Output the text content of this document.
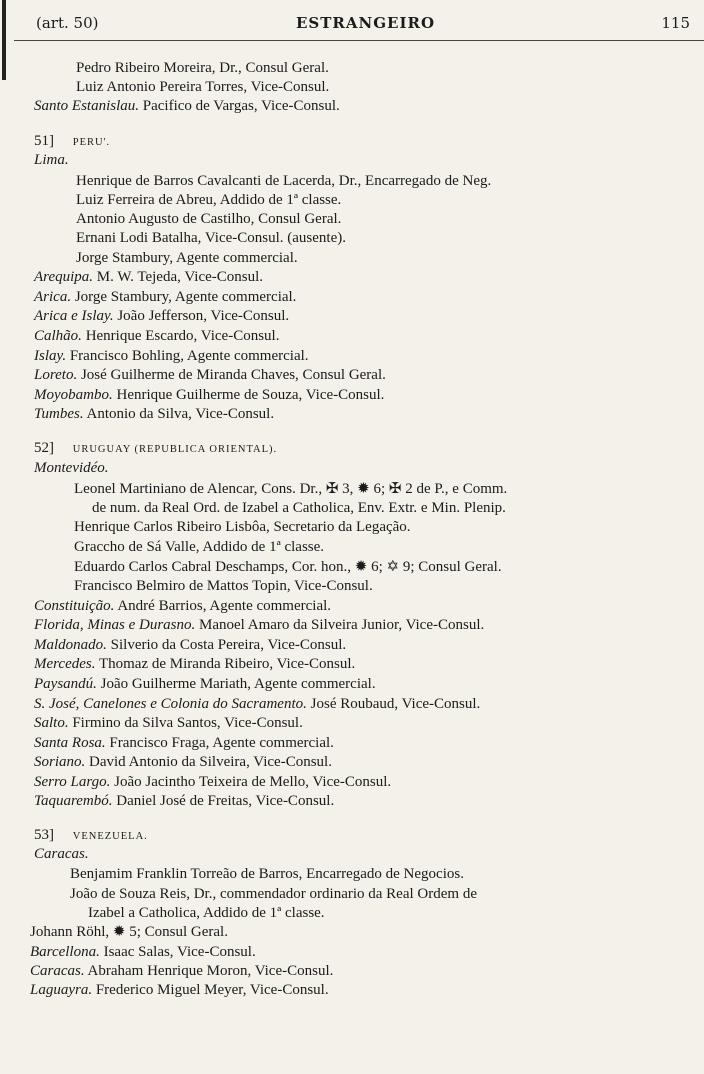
(art. 50)	ESTRANGEIRO	115
Pedro Ribeiro Moreira, Dr., Consul Geral.
Luiz Antonio Pereira Torres, Vice-Consul.
Santo Estanislau. Pacifico de Vargas, Vice-Consul.
51] PERU'.
Lima.
Henrique de Barros Cavalcanti de Lacerda, Dr., Encarregado de Neg.
Luiz Ferreira de Abreu, Addido de 1ª classe.
Antonio Augusto de Castilho, Consul Geral.
Ernani Lodi Batalha, Vice-Consul. (ausente).
Jorge Stambury, Agente commercial.
Arequipa. M. W. Tejeda, Vice-Consul.
Arica. Jorge Stambury, Agente commercial.
Arica e Islay. João Jefferson, Vice-Consul.
Calhão. Henrique Escardo, Vice-Consul.
Islay. Francisco Bohling, Agente commercial.
Loreto. José Guilherme de Miranda Chaves, Consul Geral.
Moyobambo. Henrique Guilherme de Souza, Vice-Consul.
Tumbes. Antonio da Silva, Vice-Consul.
52] URUGUAY (REPUBLICA ORIENTAL).
Montevidéo.
Leonel Martiniano de Alencar, Cons. Dr., ✠ 3, ✹ 6; ✠ 2 de P., e Comm.
de num. da Real Ord. de Izabel a Catholica, Env. Extr. e Min. Plenip.
Henrique Carlos Ribeiro Lisbôa, Secretario da Legação.
Graccho de Sá Valle, Addido de 1ª classe.
Eduardo Carlos Cabral Deschamps, Cor. hon., ✹ 6; ✡ 9; Consul Geral.
Francisco Belmiro de Mattos Topin, Vice-Consul.
Constituição. André Barrios, Agente commercial.
Florida, Minas e Durasno. Manoel Amaro da Silveira Junior, Vice-Consul.
Maldonado. Silverio da Costa Pereira, Vice-Consul.
Mercedes. Thomaz de Miranda Ribeiro, Vice-Consul.
Paysandú. João Guilherme Mariath, Agente commercial.
S. José, Canelones e Colonia do Sacramento. José Roubaud, Vice-Consul.
Salto. Firmino da Silva Santos, Vice-Consul.
Santa Rosa. Francisco Fraga, Agente commercial.
Soriano. David Antonio da Silveira, Vice-Consul.
Serro Largo. João Jacintho Teixeira de Mello, Vice-Consul.
Taquarembó. Daniel José de Freitas, Vice-Consul.
53] VENEZUELA.
Caracas.
Benjamim Franklin Torreão de Barros, Encarregado de Negocios.
João de Souza Reis, Dr., commendador ordinario da Real Ordem de
Izabel a Catholica, Addido de 1ª classe.
Johann Röhl, ✹ 5; Consul Geral.
Barcellona. Isaac Salas, Vice-Consul.
Caracas. Abraham Henrique Moron, Vice-Consul.
Laguayra. Frederico Miguel Meyer, Vice-Consul.
